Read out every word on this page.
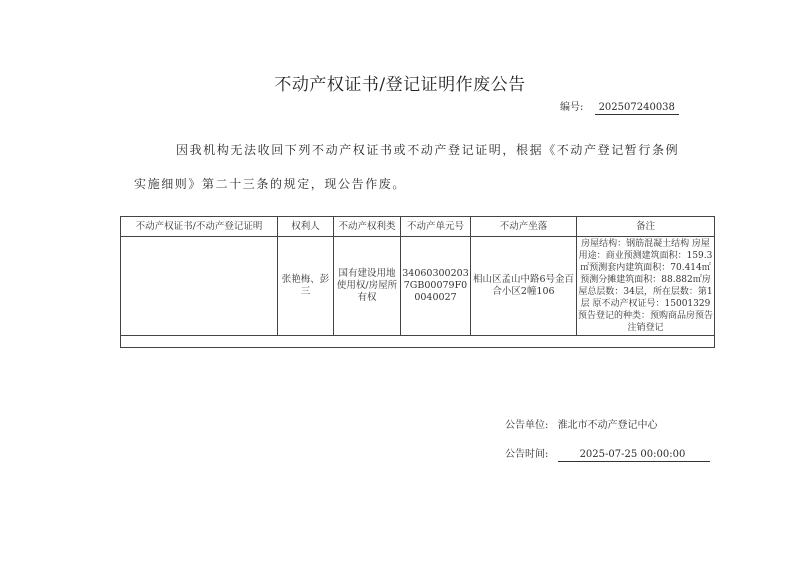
不动产权证书/登记证明作废公告
编号: 202507240038
因我机构无法收回下列不动产权证书或不动产登记证明，根据《不动产登记暂行条例
实施细则》第二十三条的规定，现公告作废。
不动产权证书/不动产登记证明	权利人	不动产权利类	不动产单元号	不动产坐落	备注
	张艳梅、彭三	国有建设用地使用权/房屋所有权	340603002037GB00079F00040027	相山区孟山中路6号金百合小区2幢106	房屋结构：钢筋混凝土结构 房屋用途：商业预测建筑面积：159.3㎡预测套内建筑面积：70.414㎡预测分摊建筑面积：88.882㎡房屋总层数：34层，所在层数：第1层 原不动产权证号：15001329 预告登记的种类：预购商品房预告注销登记

公告单位: 淮北市不动产登记中心
公告时间:	2025-07-25 00:00:00
